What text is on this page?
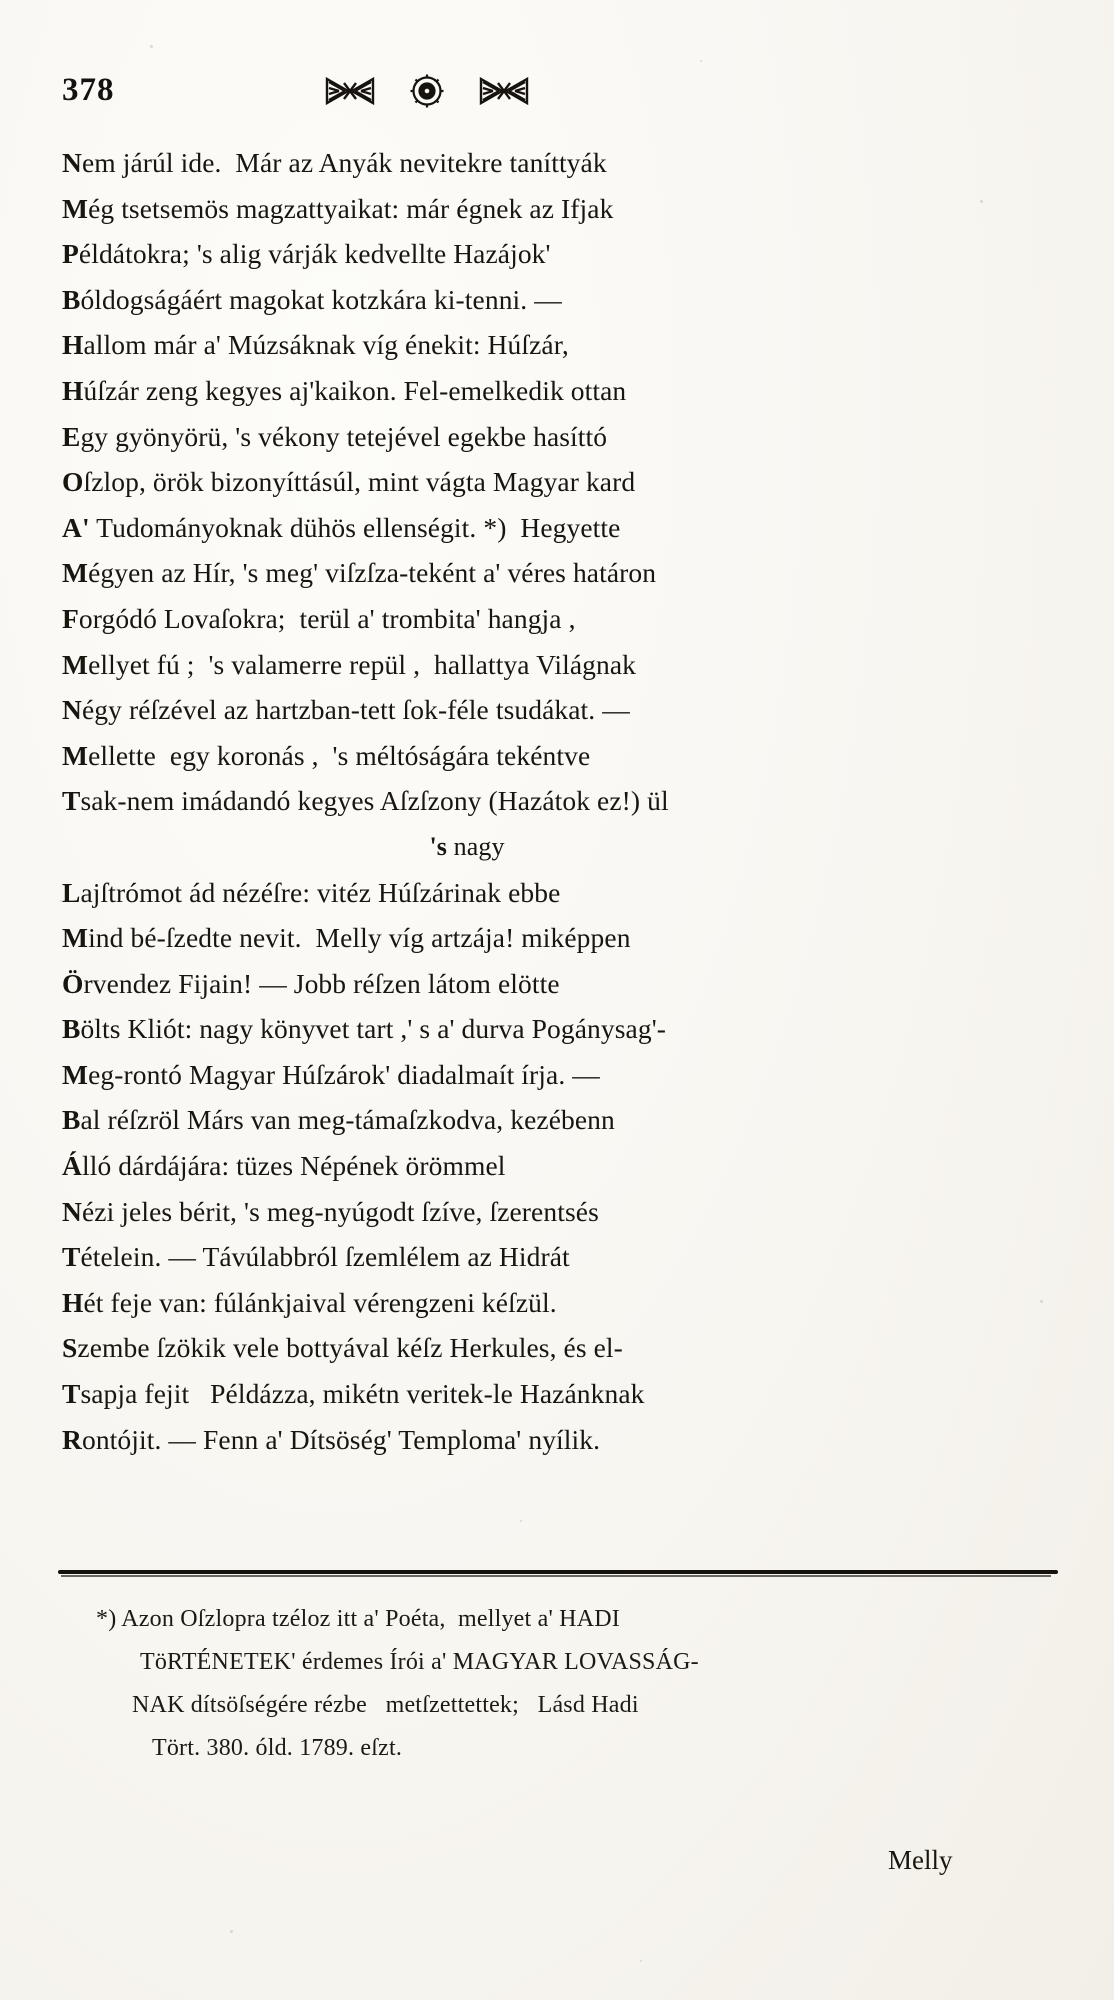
378
Nem járúl ide.  Már az Anyák nevitekre taníttyák
Még tsetsemös magzattyaikat: már égnek az Ifjak
Példátokra; 's alig várják kedvellte Hazájok'
Bóldogságáért magokat kotzkára ki-tenni. —
Hallom már a' Múzsáknak víg énekit: Húſzár,
Húſzár zeng kegyes aj'kaikon. Fel-emelkedik ottan
Egy gyönyörü, 's vékony tetejével egekbe hasíttó
Oſzlop, örök bizonyíttásúl, mint vágta Magyar kard
A' Tudományoknak dühös ellenségit. *)  Hegyette
Mégyen az Hír, 's meg' viſzſza-teként a' véres határon
Forgódó Lovaſokra;  terül a' trombita' hangja ,
Mellyet fú ;  's valamerre repül ,  hallattya Világnak
Négy réſzével az hartzban-tett ſok-féle tsudákat. —
Mellette  egy koronás ,  's méltóságára tekéntve
Tsak-nem imádandó kegyes Aſzſzony (Hazátok ez!) ül
's nagy
Lajſtrómot ád nézéſre: vitéz Húſzárinak ebbe
Mind bé-ſzedte nevit.  Melly víg artzája! miképpen
Örvendez Fijain! — Jobb réſzen látom elötte
Bölts Kliót: nagy könyvet tart ,' s a' durva Pogánysag'-
Meg-rontó Magyar Húſzárok' diadalmaít írja. —
Bal réſzröl Márs van meg-támaſzkodva, kezébenn
Álló dárdájára: tüzes Népének örömmel
Nézi jeles bérit, 's meg-nyúgodt ſzíve, ſzerentsés
Tételein. — Távúlabbról ſzemlélem az Hidrát
Hét feje van: fúlánkjaival vérengzeni kéſzül.
Szembe ſzökik vele bottyával kéſz Herkules, és el-
Tsapja fejit   Példázza, mikétn veritek-le Hazánknak
Rontójit. — Fenn a' Dítsöség' Temploma' nyílik.
*) Azon Oſzlopra tzéloz itt a' Poéta,  mellyet a' HADI
TöRTÉNETEK' érdemes Írói a' MAGYAR LOVASSÁG-
NAK dítsöſségére rézbe   metſzettettek;   Lásd Hadi
Tört. 380. óld. 1789. eſzt.
Melly
